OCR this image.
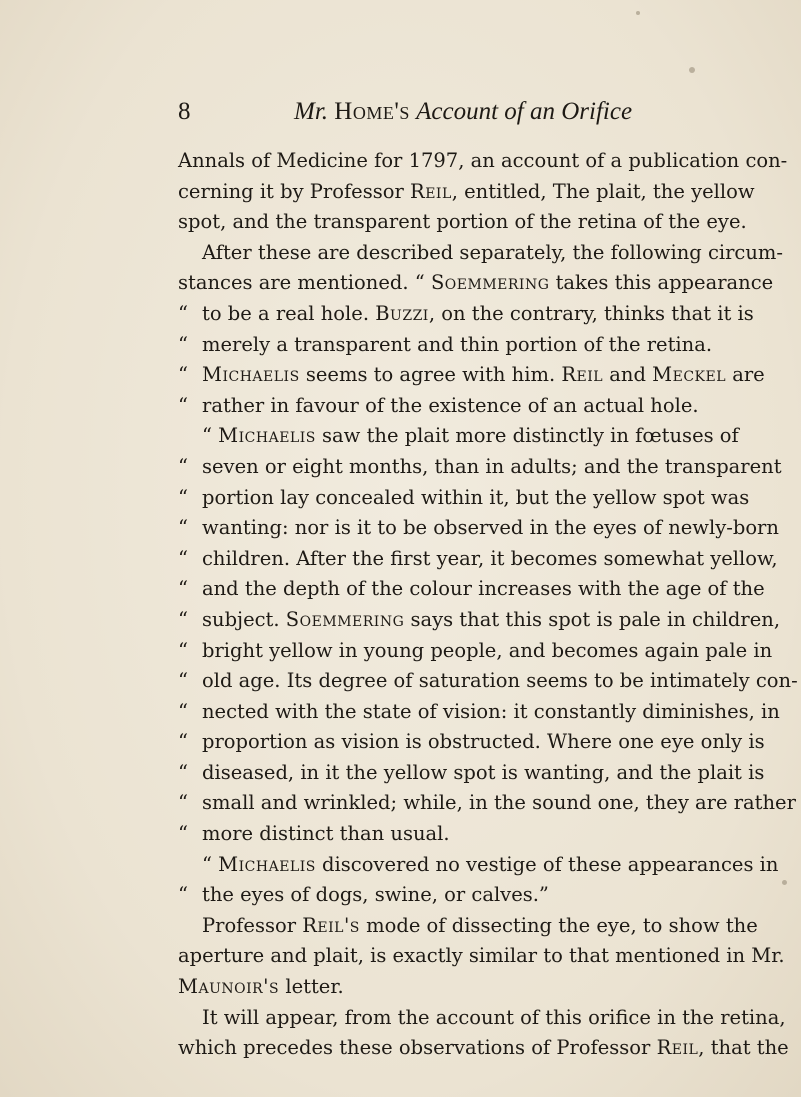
8	Mr. Home's Account of an Orifice
Annals of Medicine for 1797, an account of a publication con-
cerning it by Professor Reil, entitled, The plait, the yellow
spot, and the transparent portion of the retina of the eye.
After these are described separately, the following circum-
stances are mentioned. “ Soemmering takes this appearance
“ to be a real hole. Buzzi, on the contrary, thinks that it is
“ merely a transparent and thin portion of the retina.
“ Michaelis seems to agree with him. Reil and Meckel are
“ rather in favour of the existence of an actual hole.
“ Michaelis saw the plait more distinctly in fœtuses of
“ seven or eight months, than in adults; and the transparent
“ portion lay concealed within it, but the yellow spot was
“ wanting: nor is it to be observed in the eyes of newly-born
“ children. After the first year, it becomes somewhat yellow,
“ and the depth of the colour increases with the age of the
“ subject. Soemmering says that this spot is pale in children,
“ bright yellow in young people, and becomes again pale in
“ old age. Its degree of saturation seems to be intimately con-
“ nected with the state of vision: it constantly diminishes, in
“ proportion as vision is obstructed. Where one eye only is
“ diseased, in it the yellow spot is wanting, and the plait is
“ small and wrinkled; while, in the sound one, they are rather
“ more distinct than usual.
“ Michaelis discovered no vestige of these appearances in
“ the eyes of dogs, swine, or calves.”
Professor Reil's mode of dissecting the eye, to show the
aperture and plait, is exactly similar to that mentioned in Mr.
Maunoir's letter.
It will appear, from the account of this orifice in the retina,
which precedes these observations of Professor Reil, that the
